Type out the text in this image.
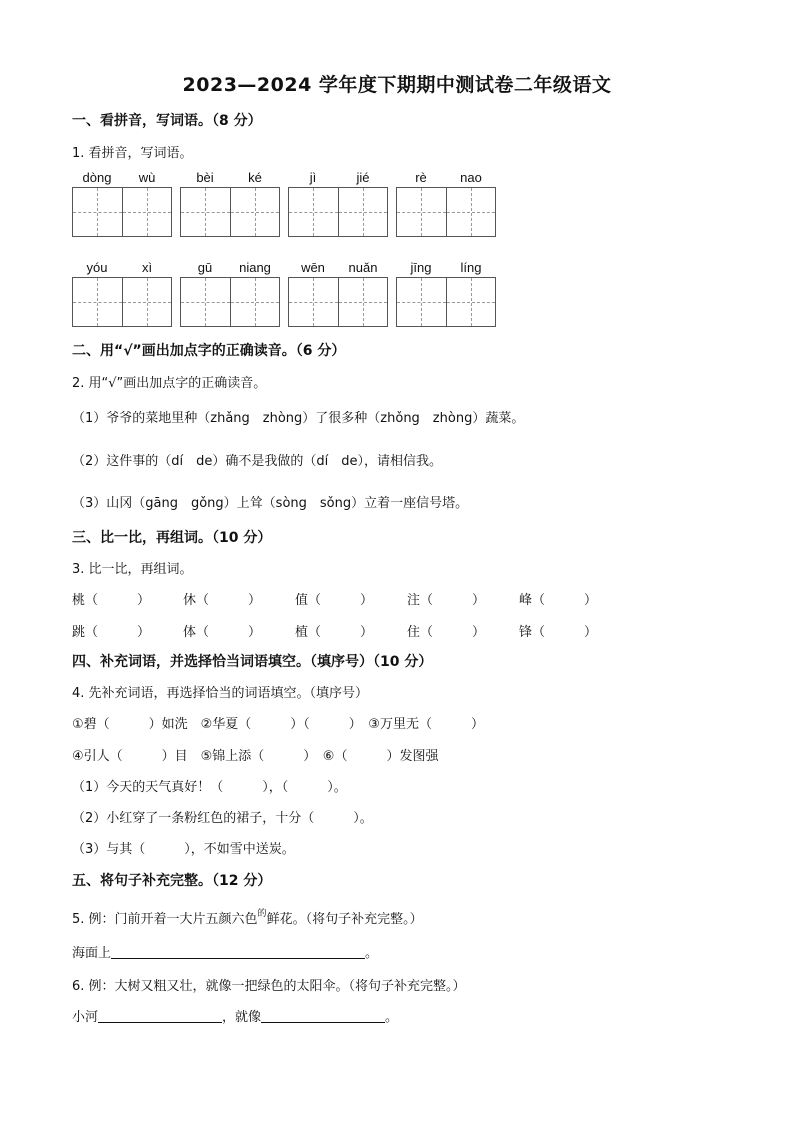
2023—2024 学年度下期期中测试卷二年级语文
一、看拼音，写词语。（8 分）
1. 看拼音，写词语。
dòng	wù	bèi	ké	jì	jié	rè	nao
yóu	xì	gū	niang	wēn	nuǎn	jīng	líng
二、用“√”画出加点字的正确读音。（6 分）
2. 用“√”画出加点字的正确读音。
（1）爷爷的菜地里种（zhǎng　zhòng）了很多种（zhǒng　zhòng）蔬菜。
（2）这件事的（dí　de）确不是我做的（dí　de），请相信我。
（3）山冈（gāng　gǒng）上耸（sòng　sǒng）立着一座信号塔。
三、比一比，再组词。（10 分）
3. 比一比，再组词。
桃（　　　）	休（　　　）	值（　　　）	注（　　　）	峰（　　　）
跳（　　　）	体（　　　）	植（　　　）	住（　　　）	锋（　　　）
四、补充词语，并选择恰当词语填空。（填序号）（10 分）
4. 先补充词语，再选择恰当的词语填空。（填序号）
①碧（　　　）如洗　②华夏（　　　）（　　　）　③万里无（　　　）
④引人（　　　）目　⑤锦上添（　　　）　⑥（　　　）发图强
（1）今天的天气真好！（　　　），（　　　）。
（2）小红穿了一条粉红色的裙子，十分（　　　）。
（3）与其（　　　），不如雪中送炭。
五、将句子补充完整。（12 分）
5. 例：门前开着一大片五颜六色$^的$鲜花。（将句子补充完整。）
海面上	。
6. 例：大树又粗又壮，就像一把绿色的太阳伞。（将句子补充完整。）
小河	，就像	。
